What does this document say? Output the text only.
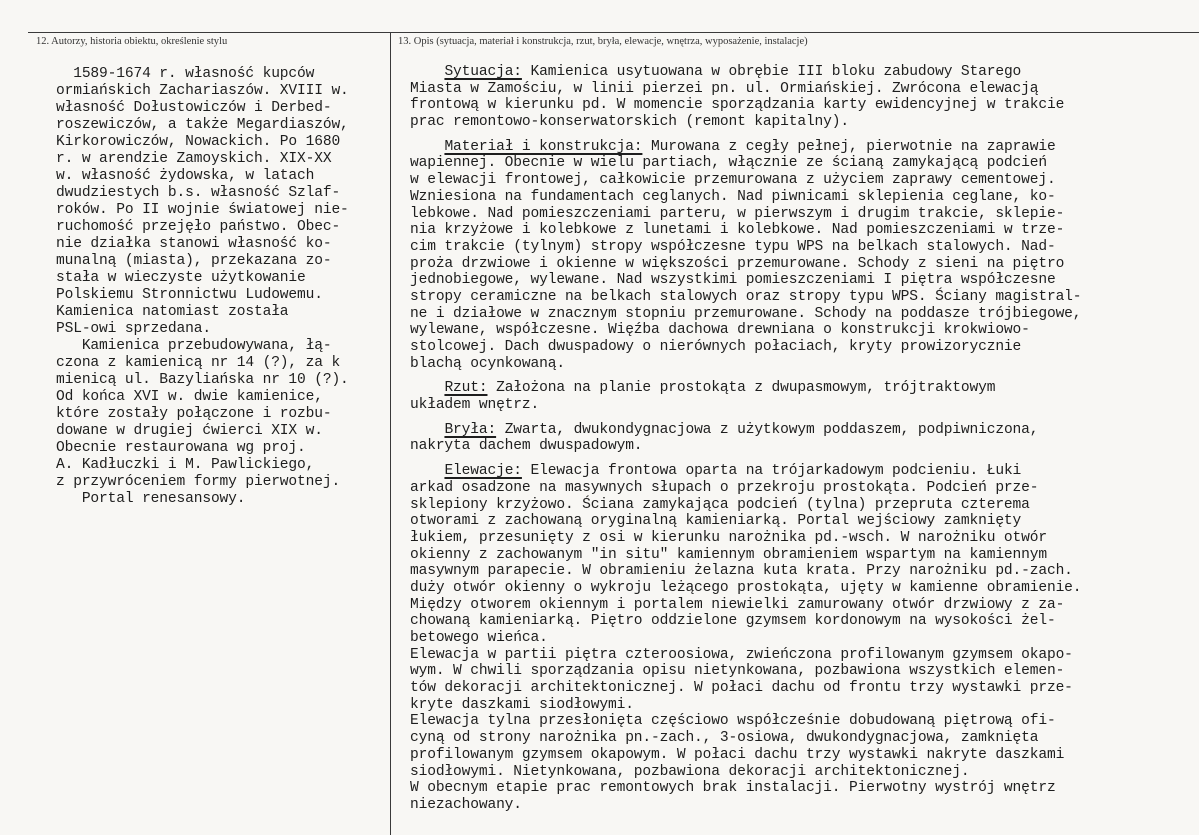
12. Autorzy, historia obiektu, określenie stylu	13. Opis (sytuacja, materiał i konstrukcja, rzut, bryła, elewacje, wnętrza, wyposażenie, instalacje)
1589-1674 r. własność kupców
ormiańskich Zachariaszów. XVIII w.
własność Dołustowiczów i Derbed-
roszewiczów, a także Megardiaszów,
Kirkorowiczów, Nowackich. Po 1680
r. w arendzie Zamoyskich. XIX-XX
w. własność żydowska, w latach
dwudziestych b.s. własność Szlaf-
roków. Po II wojnie światowej nie-
ruchomość przejęło państwo. Obec-
nie działka stanowi własność ko-
munalną (miasta), przekazana zo-
stała w wieczyste użytkowanie
Polskiemu Stronnictwu Ludowemu.
Kamienica natomiast została
PSL-owi sprzedana.
Kamienica przebudowywana, łą-
czona z kamienicą nr 14 (?), za k
mienicą ul. Bazyliańska nr 10 (?).
Od końca XVI w. dwie kamienice,
które zostały połączone i rozbu-
dowane w drugiej ćwierci XIX w.
Obecnie restaurowana wg proj.
A. Kadłuczki i M. Pawlickiego,
z przywróceniem formy pierwotnej.
Portal renesansowy.
Sytuacja: Kamienica usytuowana w obrębie III bloku zabudowy Starego
Miasta w Zamościu, w linii pierzei pn. ul. Ormiańskiej. Zwrócona elewacją
frontową w kierunku pd. W momencie sporządzania karty ewidencyjnej w trakcie
prac remontowo-konserwatorskich (remont kapitalny).
Materiał i konstrukcja: Murowana z cegły pełnej, pierwotnie na zaprawie
wapiennej. Obecnie w wielu partiach, włącznie ze ścianą zamykającą podcień
w elewacji frontowej, całkowicie przemurowana z użyciem zaprawy cementowej.
Wzniesiona na fundamentach ceglanych. Nad piwnicami sklepienia ceglane, ko-
lebkowe. Nad pomieszczeniami parteru, w pierwszym i drugim trakcie, sklepie-
nia krzyżowe i kolebkowe z lunetami i kolebkowe. Nad pomieszczeniami w trze-
cim trakcie (tylnym) stropy współczesne typu WPS na belkach stalowych. Nad-
proża drzwiowe i okienne w większości przemurowane. Schody z sieni na piętro
jednobiegowe, wylewane. Nad wszystkimi pomieszczeniami I piętra współczesne
stropy ceramiczne na belkach stalowych oraz stropy typu WPS. Ściany magistral-
ne i działowe w znacznym stopniu przemurowane. Schody na poddasze trójbiegowe,
wylewane, współczesne. Więźba dachowa drewniana o konstrukcji krokwiowo-
stolcowej. Dach dwuspadowy o nierównych połaciach, kryty prowizorycznie
blachą ocynkowaną.
Rzut: Założona na planie prostokąta z dwupasmowym, trójtraktowym
układem wnętrz.
Bryła: Zwarta, dwukondygnacjowa z użytkowym poddaszem, podpiwniczona,
nakryta dachem dwuspadowym.
Elewacje: Elewacja frontowa oparta na trójarkadowym podcieniu. Łuki
arkad osadzone na masywnych słupach o przekroju prostokąta. Podcień prze-
sklepiony krzyżowo. Ściana zamykająca podcień (tylna) przepruta czterema
otworami z zachowaną oryginalną kamieniarką. Portal wejściowy zamknięty
łukiem, przesunięty z osi w kierunku narożnika pd.-wsch. W narożniku otwór
okienny z zachowanym "in situ" kamiennym obramieniem wspartym na kamiennym
masywnym parapecie. W obramieniu żelazna kuta krata. Przy narożniku pd.-zach.
duży otwór okienny o wykroju leżącego prostokąta, ujęty w kamienne obramienie.
Między otworem okiennym i portalem niewielki zamurowany otwór drzwiowy z za-
chowaną kamieniarką. Piętro oddzielone gzymsem kordonowym na wysokości żel-
betowego wieńca.
Elewacja w partii piętra czteroosiowa, zwieńczona profilowanym gzymsem okapo-
wym. W chwili sporządzania opisu nietynkowana, pozbawiona wszystkich elemen-
tów dekoracji architektonicznej. W połaci dachu od frontu trzy wystawki prze-
kryte daszkami siodłowymi.
Elewacja tylna przesłonięta częściowo współcześnie dobudowaną piętrową ofi-
cyną od strony narożnika pn.-zach., 3-osiowa, dwukondygnacjowa, zamknięta
profilowanym gzymsem okapowym. W połaci dachu trzy wystawki nakryte daszkami
siodłowymi. Nietynkowana, pozbawiona dekoracji architektonicznej.
W obecnym etapie prac remontowych brak instalacji. Pierwotny wystrój wnętrz
niezachowany.
